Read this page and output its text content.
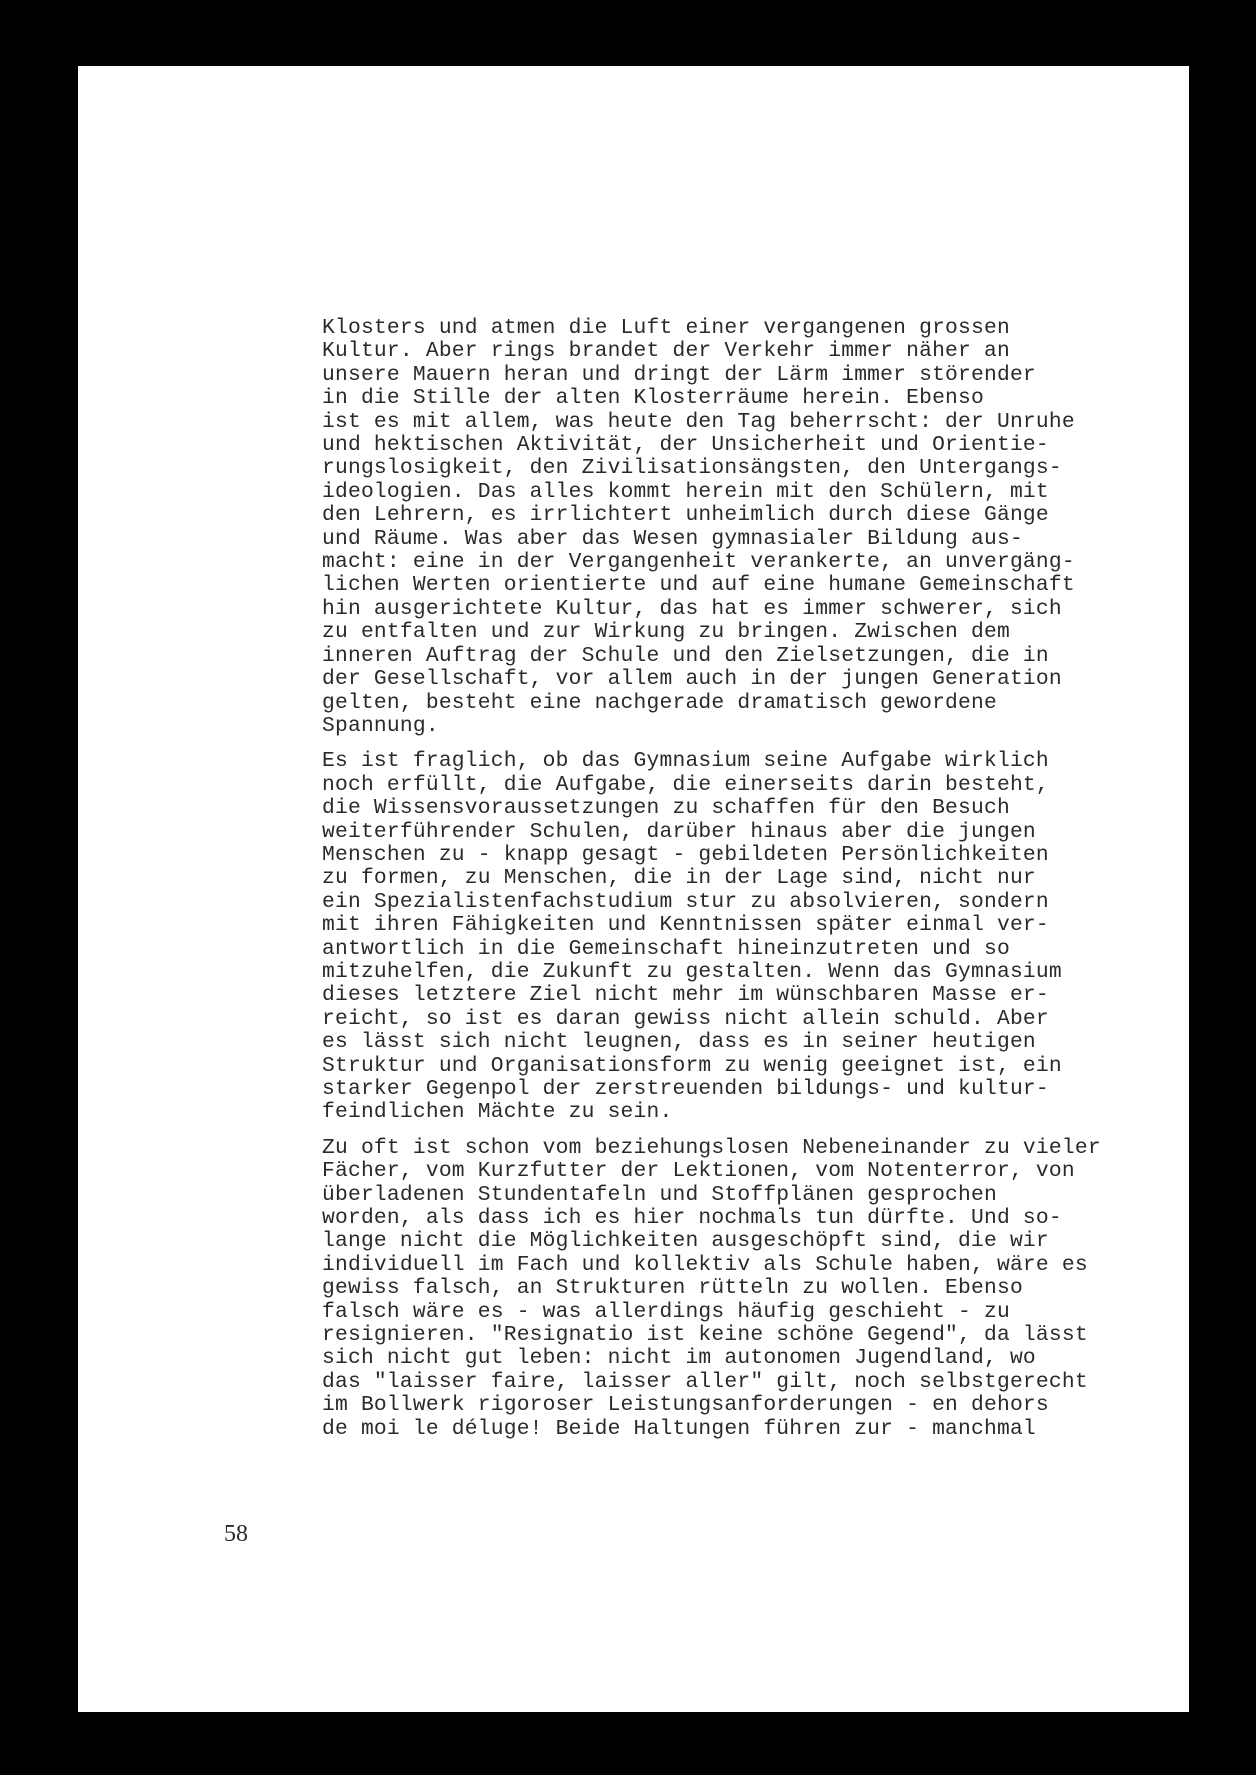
Klosters und atmen die Luft einer vergangenen grossen
Kultur. Aber rings brandet der Verkehr immer näher an
unsere Mauern heran und dringt der Lärm immer störender
in die Stille der alten Klosterräume herein. Ebenso
ist es mit allem, was heute den Tag beherrscht: der Unruhe
und hektischen Aktivität, der Unsicherheit und Orientie-
rungslosigkeit, den Zivilisationsängsten, den Untergangs-
ideologien. Das alles kommt herein mit den Schülern, mit
den Lehrern, es irrlichtert unheimlich durch diese Gänge
und Räume. Was aber das Wesen gymnasialer Bildung aus-
macht: eine in der Vergangenheit verankerte, an unvergäng-
lichen Werten orientierte und auf eine humane Gemeinschaft
hin ausgerichtete Kultur, das hat es immer schwerer, sich
zu entfalten und zur Wirkung zu bringen. Zwischen dem
inneren Auftrag der Schule und den Zielsetzungen, die in
der Gesellschaft, vor allem auch in der jungen Generation
gelten, besteht eine nachgerade dramatisch gewordene
Spannung.

Es ist fraglich, ob das Gymnasium seine Aufgabe wirklich
noch erfüllt, die Aufgabe, die einerseits darin besteht,
die Wissensvoraussetzungen zu schaffen für den Besuch
weiterführender Schulen, darüber hinaus aber die jungen
Menschen zu - knapp gesagt - gebildeten Persönlichkeiten
zu formen, zu Menschen, die in der Lage sind, nicht nur
ein Spezialistenfachstudium stur zu absolvieren, sondern
mit ihren Fähigkeiten und Kenntnissen später einmal ver-
antwortlich in die Gemeinschaft hineinzutreten und so
mitzuhelfen, die Zukunft zu gestalten. Wenn das Gymnasium
dieses letztere Ziel nicht mehr im wünschbaren Masse er-
reicht, so ist es daran gewiss nicht allein schuld. Aber
es lässt sich nicht leugnen, dass es in seiner heutigen
Struktur und Organisationsform zu wenig geeignet ist, ein
starker Gegenpol der zerstreuenden bildungs- und kultur-
feindlichen Mächte zu sein.

Zu oft ist schon vom beziehungslosen Nebeneinander zu vieler
Fächer, vom Kurzfutter der Lektionen, vom Notenterror, von
überladenen Stundentafeln und Stoffplänen gesprochen
worden, als dass ich es hier nochmals tun dürfte. Und so-
lange nicht die Möglichkeiten ausgeschöpft sind, die wir
individuell im Fach und kollektiv als Schule haben, wäre es
gewiss falsch, an Strukturen rütteln zu wollen. Ebenso
falsch wäre es - was allerdings häufig geschieht - zu
resignieren. "Resignatio ist keine schöne Gegend", da lässt
sich nicht gut leben: nicht im autonomen Jugendland, wo
das "laisser faire, laisser aller" gilt, noch selbstgerecht
im Bollwerk rigoroser Leistungsanforderungen - en dehors
de moi le déluge! Beide Haltungen führen zur - manchmal

58
